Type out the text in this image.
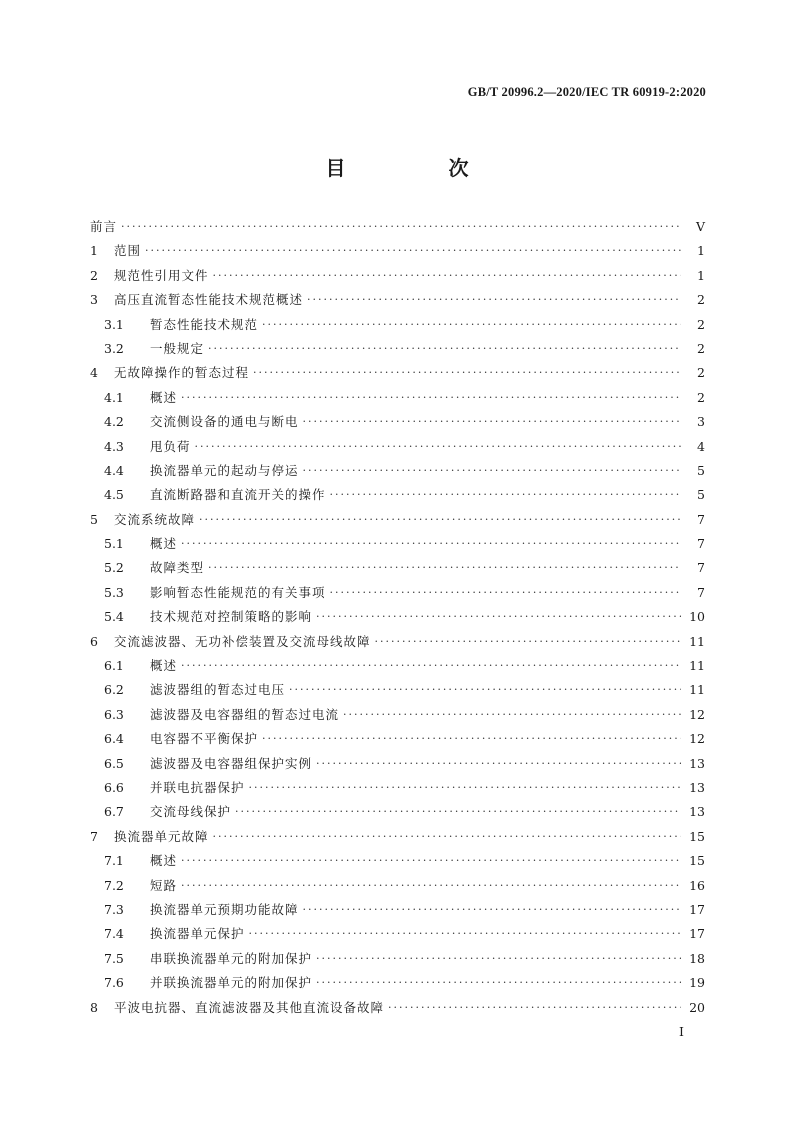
GB/T 20996.2—2020/IEC TR 60919-2:2020
目 次
前言 ·····	V
1	范围 ·····	1
2	规范性引用文件 ·····	1
3	高压直流暂态性能技术规范概述 ·····	2
3.1	暂态性能技术规范 ·····	2
3.2	一般规定 ·····	2
4	无故障操作的暂态过程 ·····	2
4.1	概述 ·····	2
4.2	交流侧设备的通电与断电 ·····	3
4.3	甩负荷 ·····	4
4.4	换流器单元的起动与停运 ·····	5
4.5	直流断路器和直流开关的操作 ·····	5
5	交流系统故障 ·····	7
5.1	概述 ·····	7
5.2	故障类型 ·····	7
5.3	影响暂态性能规范的有关事项 ·····	7
5.4	技术规范对控制策略的影响 ·····	10
6	交流滤波器、无功补偿装置及交流母线故障 ·····	11
6.1	概述 ·····	11
6.2	滤波器组的暂态过电压 ·····	11
6.3	滤波器及电容器组的暂态过电流 ·····	12
6.4	电容器不平衡保护 ·····	12
6.5	滤波器及电容器组保护实例 ·····	13
6.6	并联电抗器保护 ·····	13
6.7	交流母线保护 ·····	13
7	换流器单元故障 ·····	15
7.1	概述 ·····	15
7.2	短路 ·····	16
7.3	换流器单元预期功能故障 ·····	17
7.4	换流器单元保护 ·····	17
7.5	串联换流器单元的附加保护 ·····	18
7.6	并联换流器单元的附加保护 ·····	19
8	平波电抗器、直流滤波器及其他直流设备故障 ·····	20
I
